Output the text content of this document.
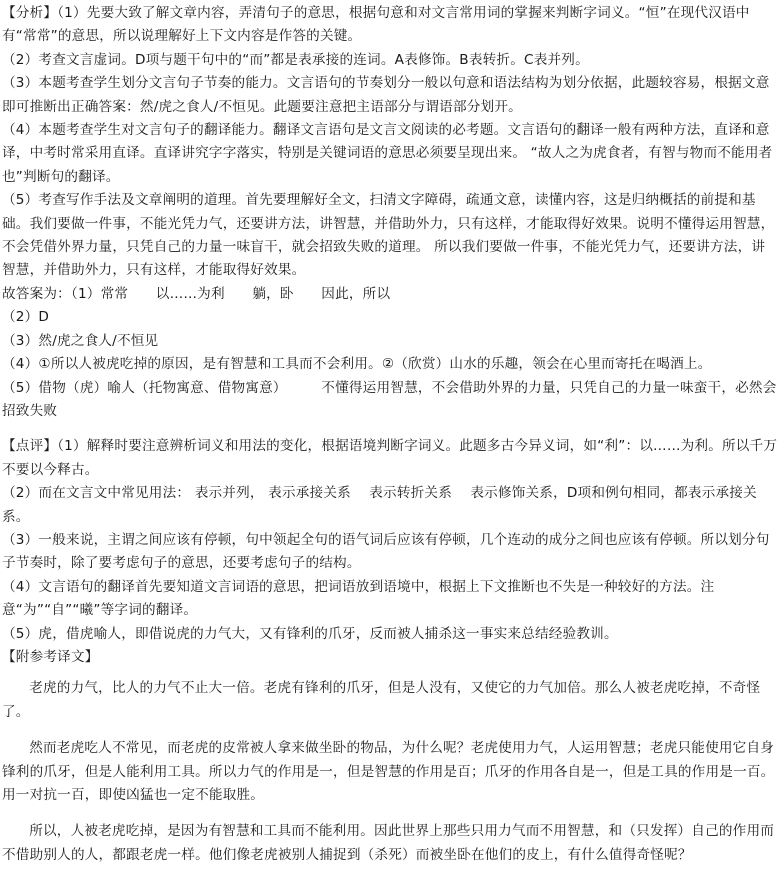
【分析】（1）先要大致了解文章内容，弄清句子的意思，根据句意和对文言常用词的掌握来判断字词义。“恒”在现代汉语中有“常常”的意思，所以说理解好上下文内容是作答的关键。

（2）考查文言虚词。D项与题干句中的“而”都是表承接的连词。A表修饰。B表转折。C表并列。

（3）本题考查学生划分文言句子节奏的能力。文言语句的节奏划分一般以句意和语法结构为划分依据，此题较容易，根据文意即可推断出正确答案：然/虎之食人/不恒见。此题要注意把主语部分与谓语部分划开。

（4）本题考查学生对文言句子的翻译能力。翻译文言语句是文言文阅读的必考题。文言语句的翻译一般有两种方法，直译和意译，中考时常采用直译。直译讲究字字落实，特别是关键词语的意思必须要呈现出来。 “故人之为虎食者，有智与物而不能用者也”判断句的翻译。

（5）考查写作手法及文章阐明的道理。首先要理解好全文，扫清文字障碍，疏通文意，读懂内容，这是归纳概括的前提和基础。我们要做一件事，不能光凭力气，还要讲方法，讲智慧，并借助外力，只有这样，才能取得好效果。说明不懂得运用智慧，不会凭借外界力量，只凭自己的力量一味盲干，就会招致失败的道理。 所以我们要做一件事，不能光凭力气，还要讲方法，讲智慧，并借助外力，只有这样，才能取得好效果。

故答案为：（1）常常　　以……为利　　躺，卧　　因此，所以

（2）D

（3）然/虎之食人/不恒见

（4）①所以人被虎吃掉的原因，是有智慧和工具而不会利用。②（欣赏）山水的乐趣，领会在心里而寄托在喝酒上。

（5）借物（虎）喻人（托物寓意、借物寓意）　　　不懂得运用智慧，不会借助外界的力量，只凭自己的力量一味蛮干，必然会招致失败

【点评】（1）解释时要注意辨析词义和用法的变化，根据语境判断字词义。此题多古今异义词，如“利”：以……为利。所以千万不要以今释古。

（2）而在文言文中常见用法： 表示并列， 表示承接关系　 表示转折关系　 表示修饰关系，D项和例句相同，都表示承接关系。

（3）一般来说，主谓之间应该有停顿，句中领起全句的语气词后应该有停顿，几个连动的成分之间也应该有停顿。所以划分句子节奏时，除了要考虑句子的意思，还要考虑句子的结构。

（4）文言语句的翻译首先要知道文言词语的意思，把词语放到语境中，根据上下文推断也不失是一种较好的方法。注意“为”“自”“曦”等字词的翻译。

（5）虎，借虎喻人，即借说虎的力气大，又有锋利的爪牙，反而被人捕杀这一事实来总结经验教训。

【附参考译文】

老虎的力气，比人的力气不止大一倍。老虎有锋利的爪牙，但是人没有，又使它的力气加倍。那么人被老虎吃掉，不奇怪了。

然而老虎吃人不常见，而老虎的皮常被人拿来做坐卧的物品，为什么呢？老虎使用力气，人运用智慧；老虎只能使用它自身锋利的爪牙，但是人能利用工具。所以力气的作用是一，但是智慧的作用是百；爪牙的作用各自是一，但是工具的作用是一百。用一对抗一百，即使凶猛也一定不能取胜。

所以，人被老虎吃掉，是因为有智慧和工具而不能利用。因此世界上那些只用力气而不用智慧，和（只发挥）自己的作用而不借助别人的人，都跟老虎一样。他们像老虎被别人捕捉到（杀死）而被坐卧在他们的皮上，有什么值得奇怪呢？
